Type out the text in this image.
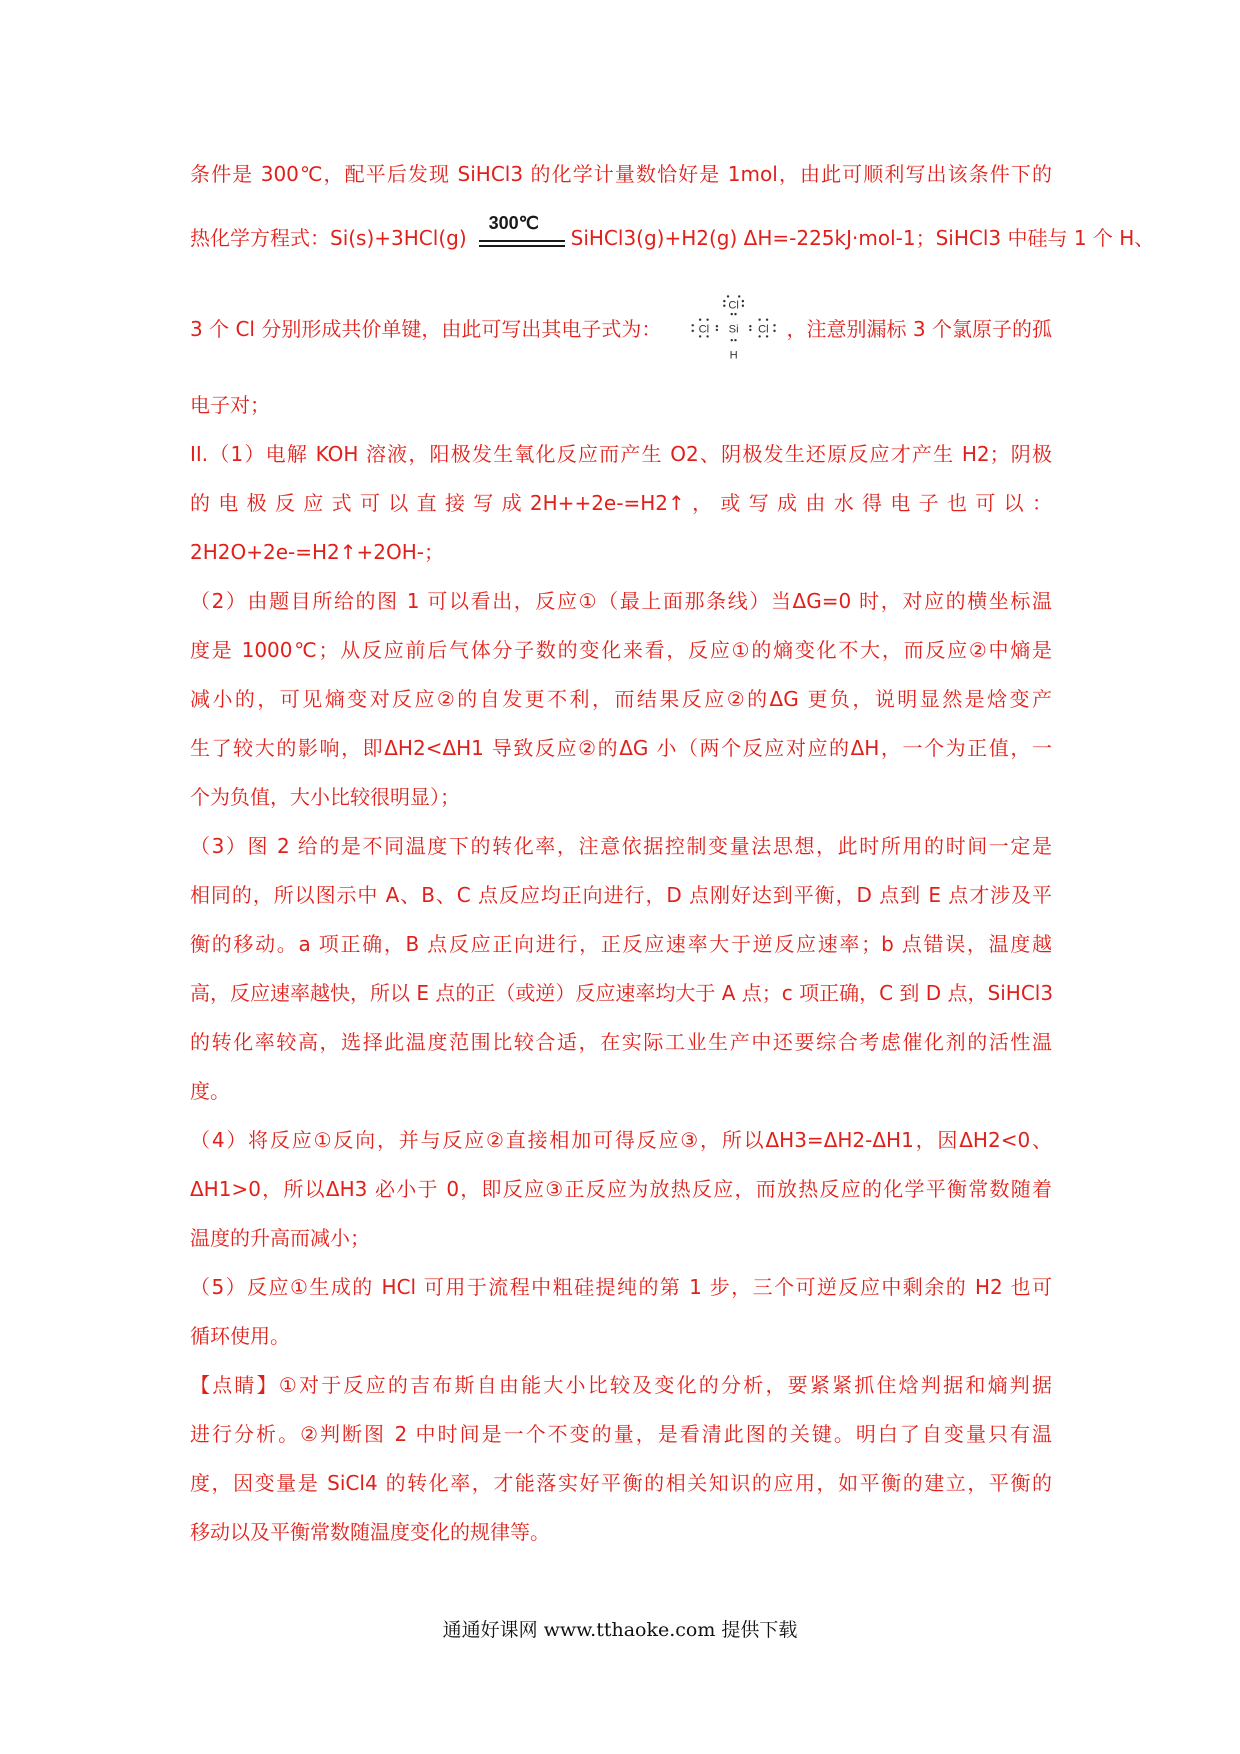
条件是 300℃，配平后发现 SiHCl3 的化学计量数恰好是 1mol，由此可顺利写出该条件下的
热化学方程式：Si(s)+3HCl(g)
300℃
SiHCl3(g)+H2(g) ΔH=-225kJ·mol-1；SiHCl3 中硅与 1 个 H、
3 个 Cl 分别形成共价单键，由此可写出其电子式为：
Cl
Cl Si Cl
H
，注意别漏标 3 个氯原子的孤
电子对；
II.（1）电解 KOH 溶液，阳极发生氧化反应而产生 O2、阴极发生还原反应才产生 H2；阴极
的 电 极 反 应 式 可 以 直 接 写 成 2H++2e-=H2↑ ， 或 写 成 由 水 得 电 子 也 可 以 ：
2H2O+2e-=H2↑+2OH-；
（2）由题目所给的图 1 可以看出，反应①（最上面那条线）当ΔG=0 时，对应的横坐标温
度是 1000℃；从反应前后气体分子数的变化来看，反应①的熵变化不大，而反应②中熵是
减小的，可见熵变对反应②的自发更不利，而结果反应②的ΔG 更负，说明显然是焓变产
生了较大的影响，即ΔH2<ΔH1 导致反应②的ΔG 小（两个反应对应的ΔH，一个为正值，一
个为负值，大小比较很明显）；
（3）图 2 给的是不同温度下的转化率，注意依据控制变量法思想，此时所用的时间一定是
相同的，所以图示中 A、B、C 点反应均正向进行，D 点刚好达到平衡，D 点到 E 点才涉及平
衡的移动。a 项正确，B 点反应正向进行，正反应速率大于逆反应速率；b 点错误，温度越
高，反应速率越快，所以 E 点的正（或逆）反应速率均大于 A 点；c 项正确，C 到 D 点，SiHCl3
的转化率较高，选择此温度范围比较合适，在实际工业生产中还要综合考虑催化剂的活性温
度。
（4）将反应①反向，并与反应②直接相加可得反应③，所以ΔH3=ΔH2-ΔH1，因ΔH2<0、
ΔH1>0，所以ΔH3 必小于 0，即反应③正反应为放热反应，而放热反应的化学平衡常数随着
温度的升高而减小；
（5）反应①生成的 HCl 可用于流程中粗硅提纯的第 1 步，三个可逆反应中剩余的 H2 也可
循环使用。
【点睛】①对于反应的吉布斯自由能大小比较及变化的分析，要紧紧抓住焓判据和熵判据
进行分析。②判断图 2 中时间是一个不变的量，是看清此图的关键。明白了自变量只有温
度，因变量是 SiCl4 的转化率，才能落实好平衡的相关知识的应用，如平衡的建立，平衡的
移动以及平衡常数随温度变化的规律等。
通通好课网 www.tthaoke.com 提供下载
